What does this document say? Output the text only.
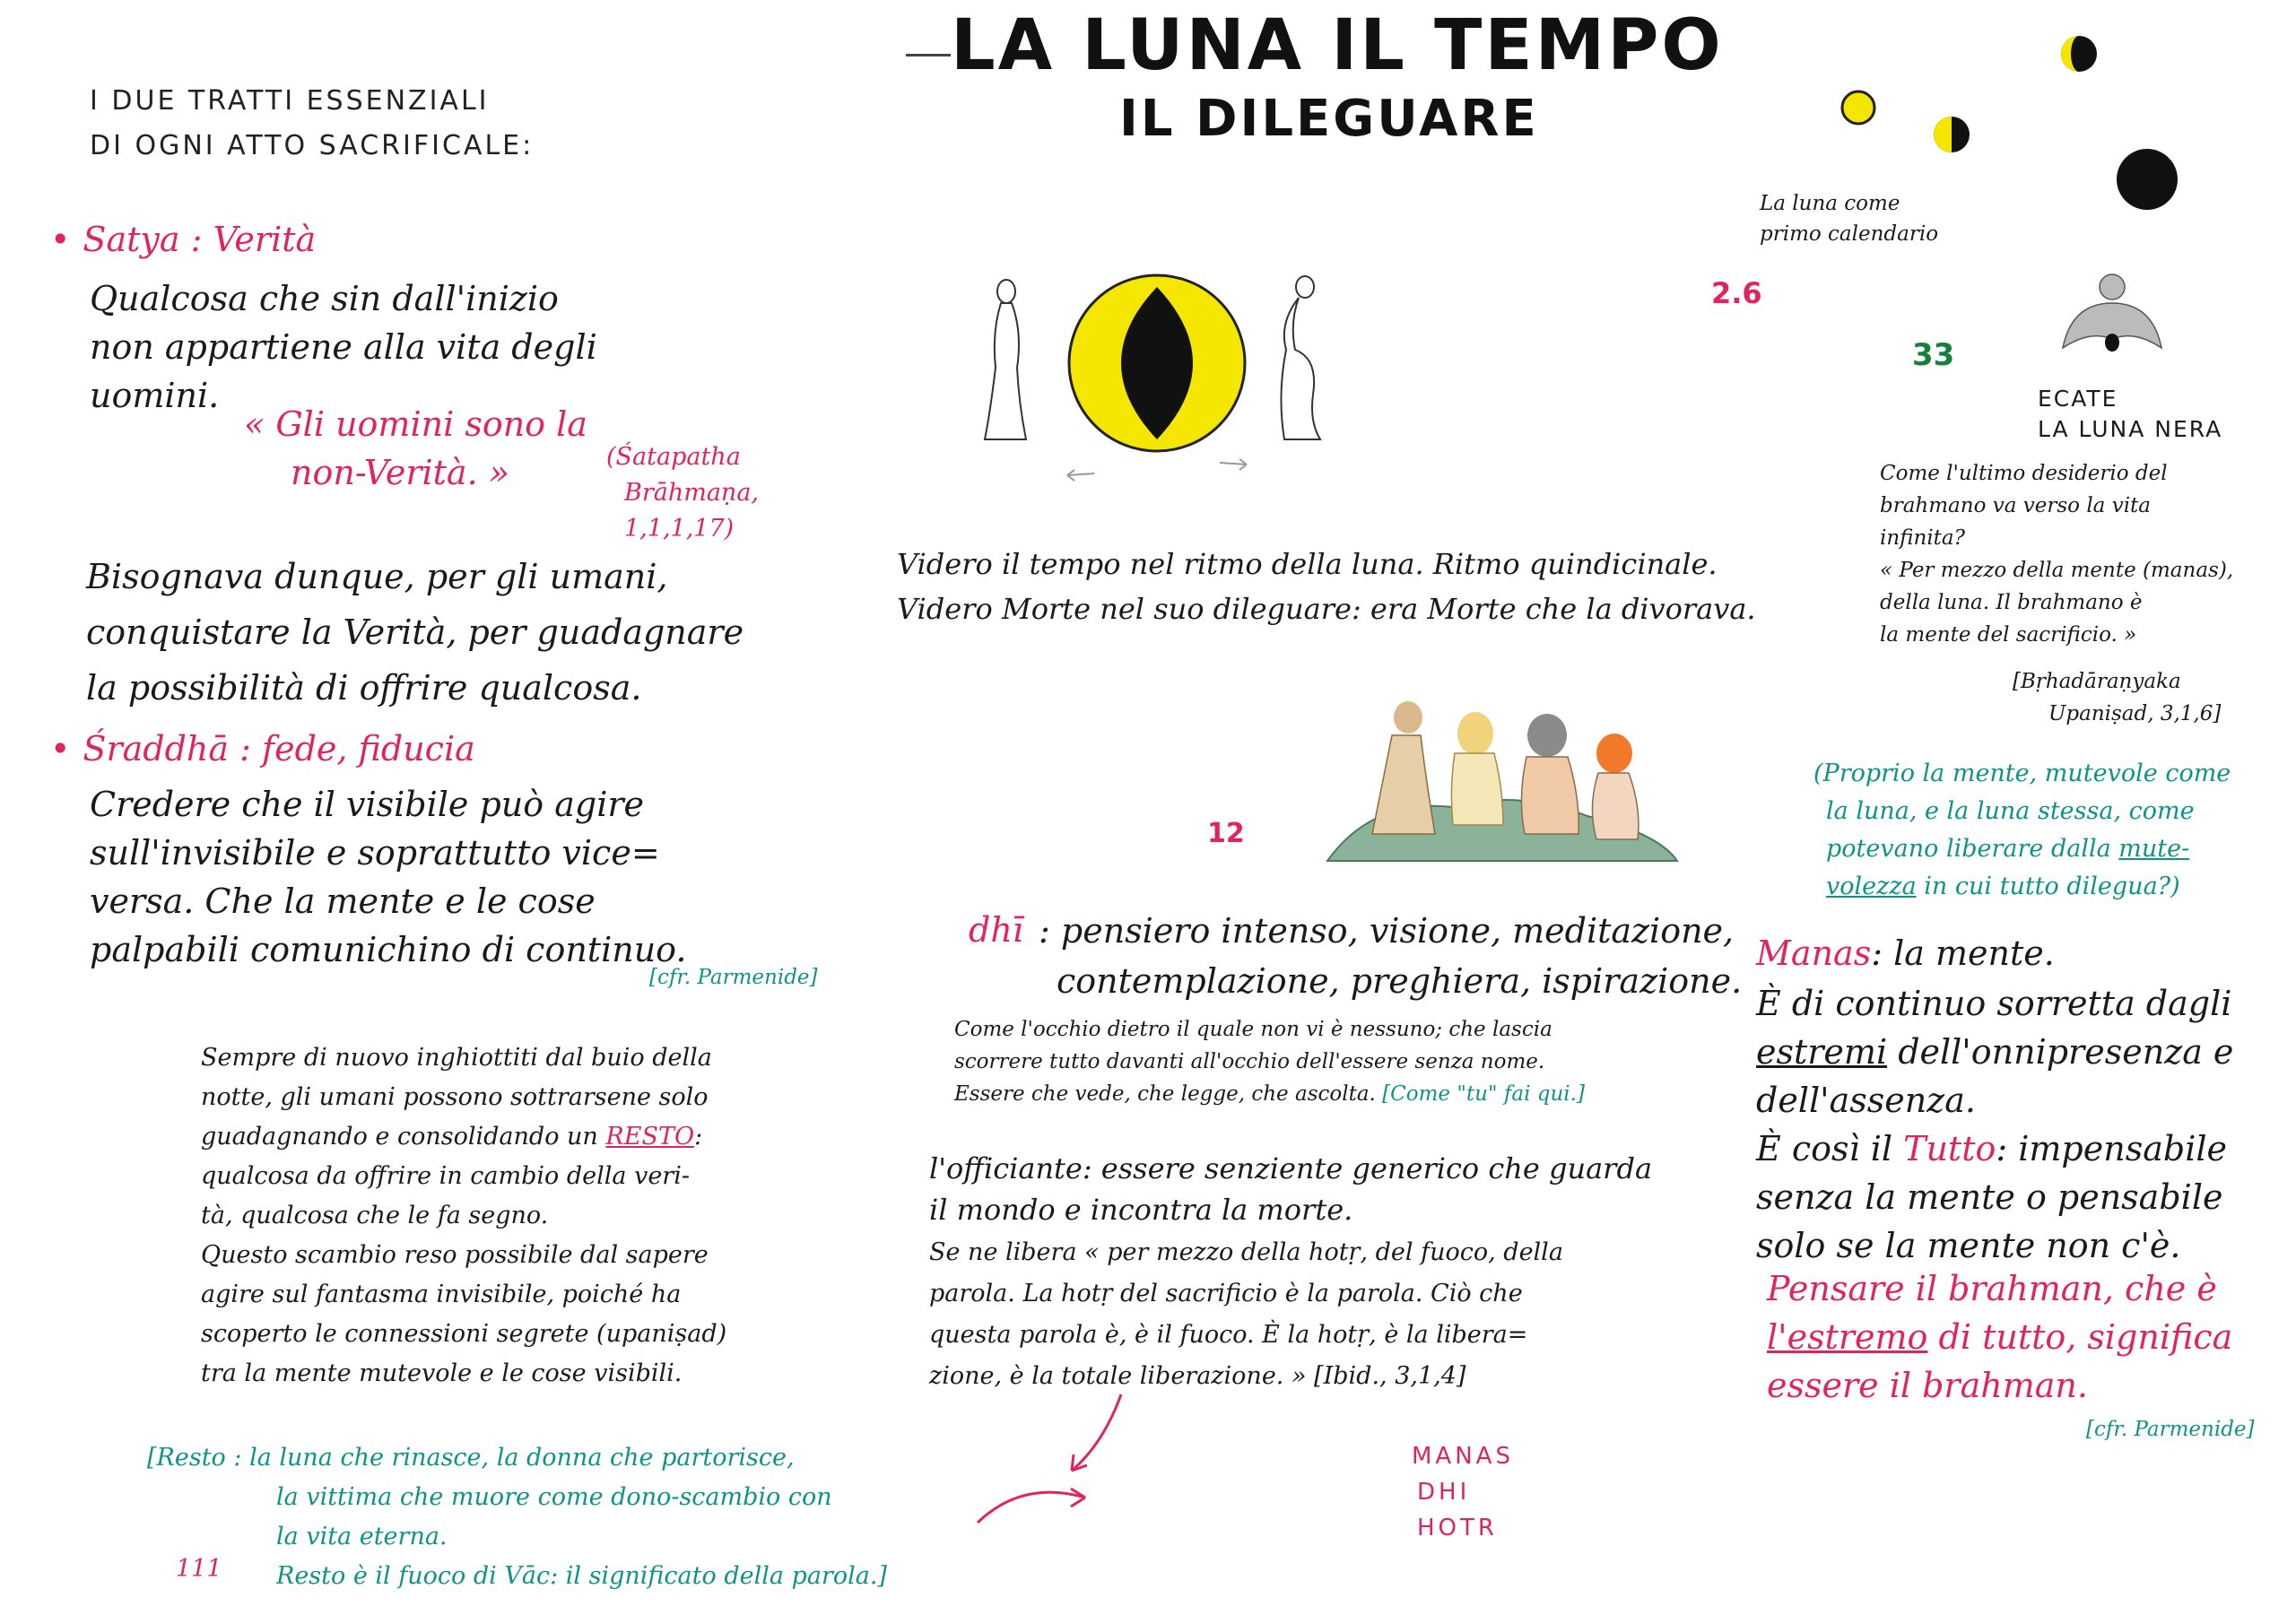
LA LUNA IL TEMPO
IL DILEGUARE
I DUE TRATTI ESSENZIALI
DI OGNI ATTO SACRIFICALE:
• Satya : Verità
Qualcosa che sin dall'inizio
non appartiene alla vita degli
uomini.
« Gli uomini sono la
non-Verità. »	(Śatapatha
Brāhmaṇa,
1,1,1,17)
Bisognava dunque, per gli umani,
conquistare la Verità, per guadagnare
la possibilità di offrire qualcosa.
• Śraddhā : fede, fiducia
Credere che il visibile può agire
sull'invisibile e soprattutto vice=
versa. Che la mente e le cose
palpabili comunichino di continuo.
[cfr. Parmenide]
Sempre di nuovo inghiottiti dal buio della
notte, gli umani possono sottrarsene solo
guadagnando e consolidando un RESTO:
qualcosa da offrire in cambio della veri-
tà, qualcosa che le fa segno.
Questo scambio reso possibile dal sapere
agire sul fantasma invisibile, poiché ha
scoperto le connessioni segrete (upaniṣad)
tra la mente mutevole e le cose visibili.
[Resto : la luna che rinasce, la donna che partorisce,
la vittima che muore come dono-scambio con
la vita eterna.
Resto è il fuoco di Vāc: il significato della parola.]
111
Videro il tempo nel ritmo della luna. Ritmo quindicinale.
Videro Morte nel suo dileguare: era Morte che la divorava.
12
dhī : pensiero intenso, visione, meditazione,
contemplazione, preghiera, ispirazione.
Come l'occhio dietro il quale non vi è nessuno; che lascia
scorrere tutto davanti all'occhio dell'essere senza nome.
Essere che vede, che legge, che ascolta. [Come "tu" fai qui.]
l'officiante: essere senziente generico che guarda
il mondo e incontra la morte.
Se ne libera « per mezzo della hotṛ, del fuoco, della
parola. La hotṛ del sacrificio è la parola. Ciò che
questa parola è, è il fuoco. È la hotṛ, è la libera=
zione, è la totale liberazione. » [Ibid., 3,1,4]
MANAS
DHI
HOTR
La luna come
primo calendario
2.6
33
ECATE
LA LUNA NERA
Come l'ultimo desiderio del
brahmano va verso la vita
infinita?
« Per mezzo della mente (manas),
della luna. Il brahmano è
la mente del sacrificio. »
[Bṛhadāraṇyaka
Upaniṣad, 3,1,6]
(Proprio la mente, mutevole come
la luna, e la luna stessa, come
potevano liberare dalla mute-
volezza in cui tutto dilegua?)
Manas: la mente.
È di continuo sorretta dagli
estremi dell'onnipresenza e
dell'assenza.
È così il Tutto: impensabile
senza la mente o pensabile
solo se la mente non c'è.
Pensare il brahman, che è
l'estremo di tutto, significa
essere il brahman.
[cfr. Parmenide]
